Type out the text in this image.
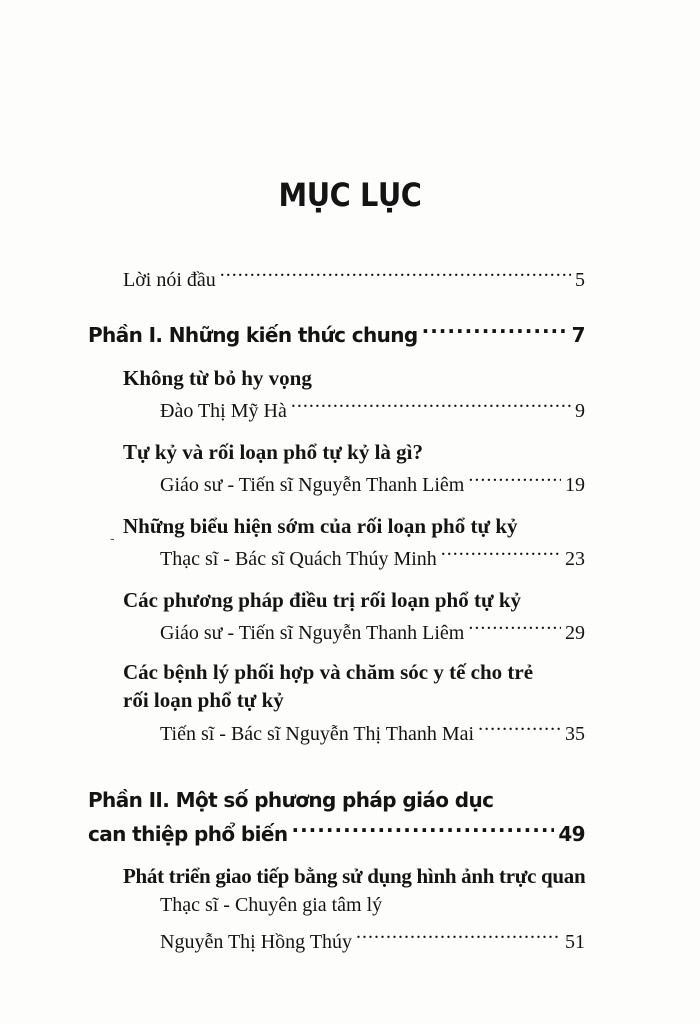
MỤC LỤC
Lời nói đầu .....	5
Phần I. Những kiến thức chung .....	7
Không từ bỏ hy vọng
Đào Thị Mỹ Hà .....	9
Tự kỷ và rối loạn phổ tự kỷ là gì?
Giáo sư - Tiến sĩ Nguyễn Thanh Liêm .....	19
Những biểu hiện sớm của rối loạn phổ tự kỷ
-
Thạc sĩ - Bác sĩ Quách Thúy Minh .....	23
Các phương pháp điều trị rối loạn phổ tự kỷ
Giáo sư - Tiến sĩ Nguyễn Thanh Liêm .....	29
Các bệnh lý phối hợp và chăm sóc y tế cho trẻ
rối loạn phổ tự kỷ
Tiến sĩ - Bác sĩ Nguyễn Thị Thanh Mai .....	35
Phần II. Một số phương pháp giáo dục
can thiệp phổ biến .....	49
Phát triển giao tiếp bằng sử dụng hình ảnh trực quan
Thạc sĩ - Chuyên gia tâm lý
Nguyễn Thị Hồng Thúy .....	51
